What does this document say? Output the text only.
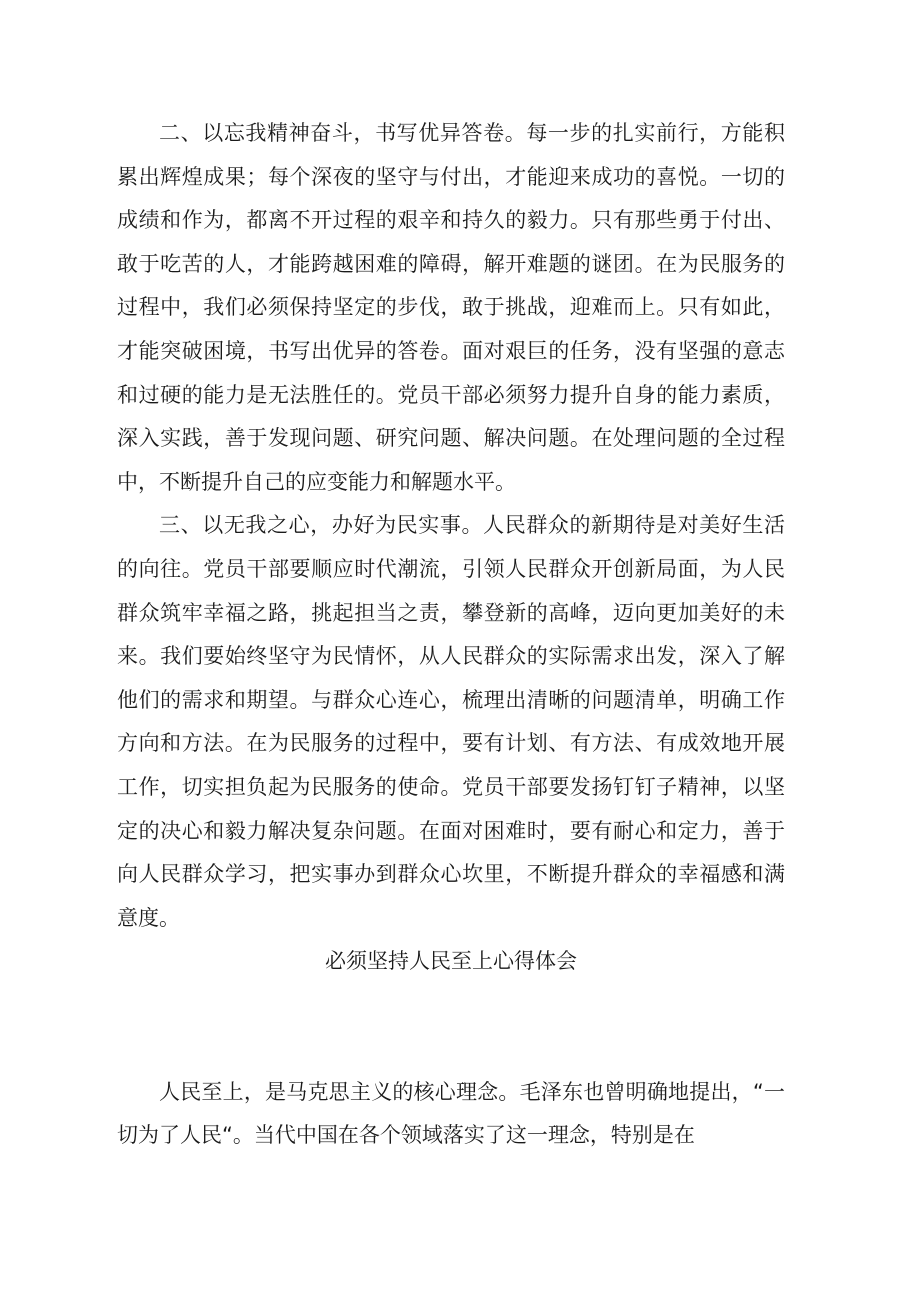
二、以忘我精神奋斗，书写优异答卷。每一步的扎实前行，方能积累出辉煌成果；每个深夜的坚守与付出，才能迎来成功的喜悦。一切的成绩和作为，都离不开过程的艰辛和持久的毅力。只有那些勇于付出、敢于吃苦的人，才能跨越困难的障碍，解开难题的谜团。在为民服务的过程中，我们必须保持坚定的步伐，敢于挑战，迎难而上。只有如此，才能突破困境，书写出优异的答卷。面对艰巨的任务，没有坚强的意志和过硬的能力是无法胜任的。党员干部必须努力提升自身的能力素质，深入实践，善于发现问题、研究问题、解决问题。在处理问题的全过程中，不断提升自己的应变能力和解题水平。

三、以无我之心，办好为民实事。人民群众的新期待是对美好生活的向往。党员干部要顺应时代潮流，引领人民群众开创新局面，为人民群众筑牢幸福之路，挑起担当之责，攀登新的高峰，迈向更加美好的未来。我们要始终坚守为民情怀，从人民群众的实际需求出发，深入了解他们的需求和期望。与群众心连心，梳理出清晰的问题清单，明确工作方向和方法。在为民服务的过程中，要有计划、有方法、有成效地开展工作，切实担负起为民服务的使命。党员干部要发扬钉钉子精神，以坚定的决心和毅力解决复杂问题。在面对困难时，要有耐心和定力，善于向人民群众学习，把实事办到群众心坎里，不断提升群众的幸福感和满意度。

必须坚持人民至上心得体会

人民至上，是马克思主义的核心理念。毛泽东也曾明确地提出，“一切为了人民“。当代中国在各个领域落实了这一理念，特别是在
